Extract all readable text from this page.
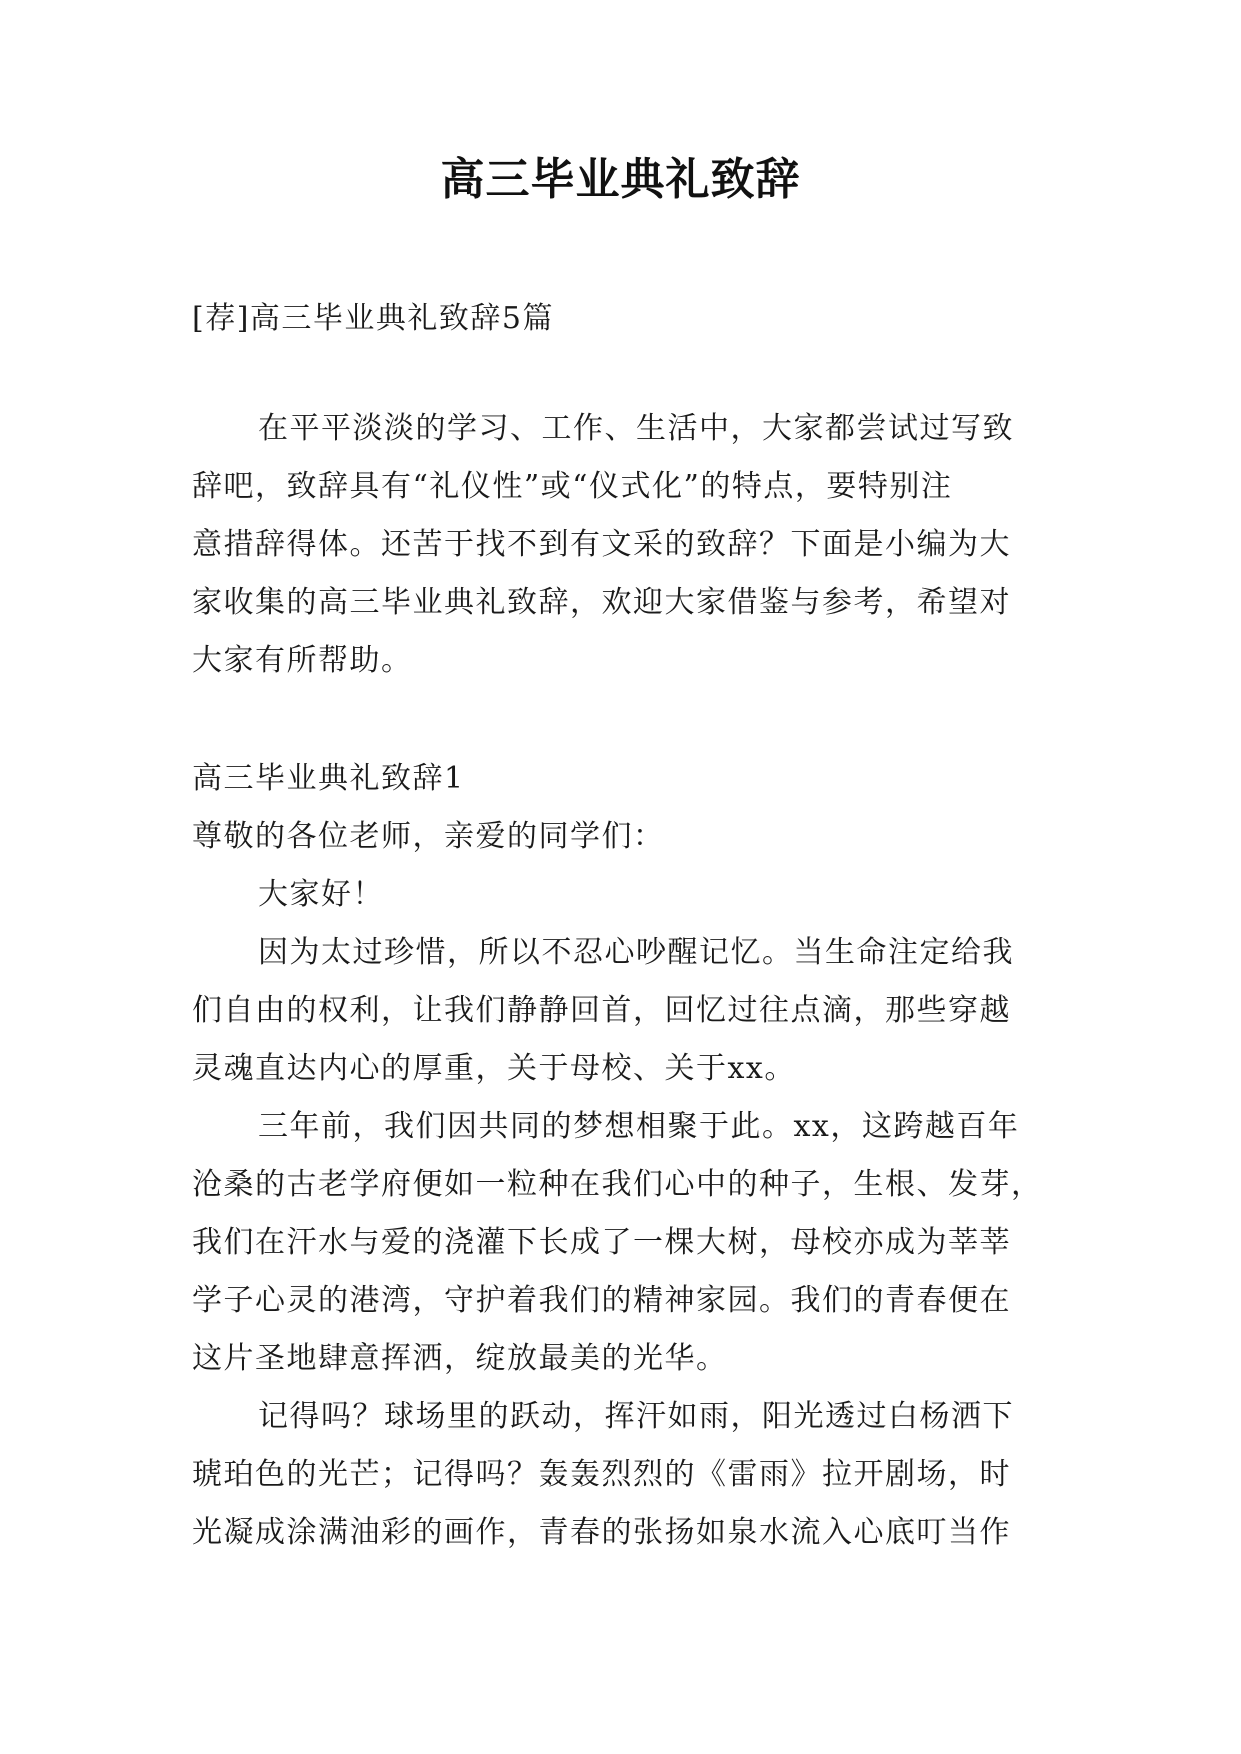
高三毕业典礼致辞
[荐]高三毕业典礼致辞5篇
在平平淡淡的学习、工作、生活中，大家都尝试过写致
辞吧，致辞具有“礼仪性”或“仪式化”的特点，要特别注
意措辞得体。还苦于找不到有文采的致辞？下面是小编为大
家收集的高三毕业典礼致辞，欢迎大家借鉴与参考，希望对
大家有所帮助。
高三毕业典礼致辞1
尊敬的各位老师，亲爱的同学们：
大家好！
因为太过珍惜，所以不忍心吵醒记忆。当生命注定给我
们自由的权利，让我们静静回首，回忆过往点滴，那些穿越
灵魂直达内心的厚重，关于母校、关于xx。
三年前，我们因共同的梦想相聚于此。xx，这跨越百年
沧桑的古老学府便如一粒种在我们心中的种子，生根、发芽，
我们在汗水与爱的浇灌下长成了一棵大树，母校亦成为莘莘
学子心灵的港湾，守护着我们的精神家园。我们的青春便在
这片圣地肆意挥洒，绽放最美的光华。
记得吗？球场里的跃动，挥汗如雨，阳光透过白杨洒下
琥珀色的光芒；记得吗？轰轰烈烈的《雷雨》拉开剧场，时
光凝成涂满油彩的画作，青春的张扬如泉水流入心底叮当作
